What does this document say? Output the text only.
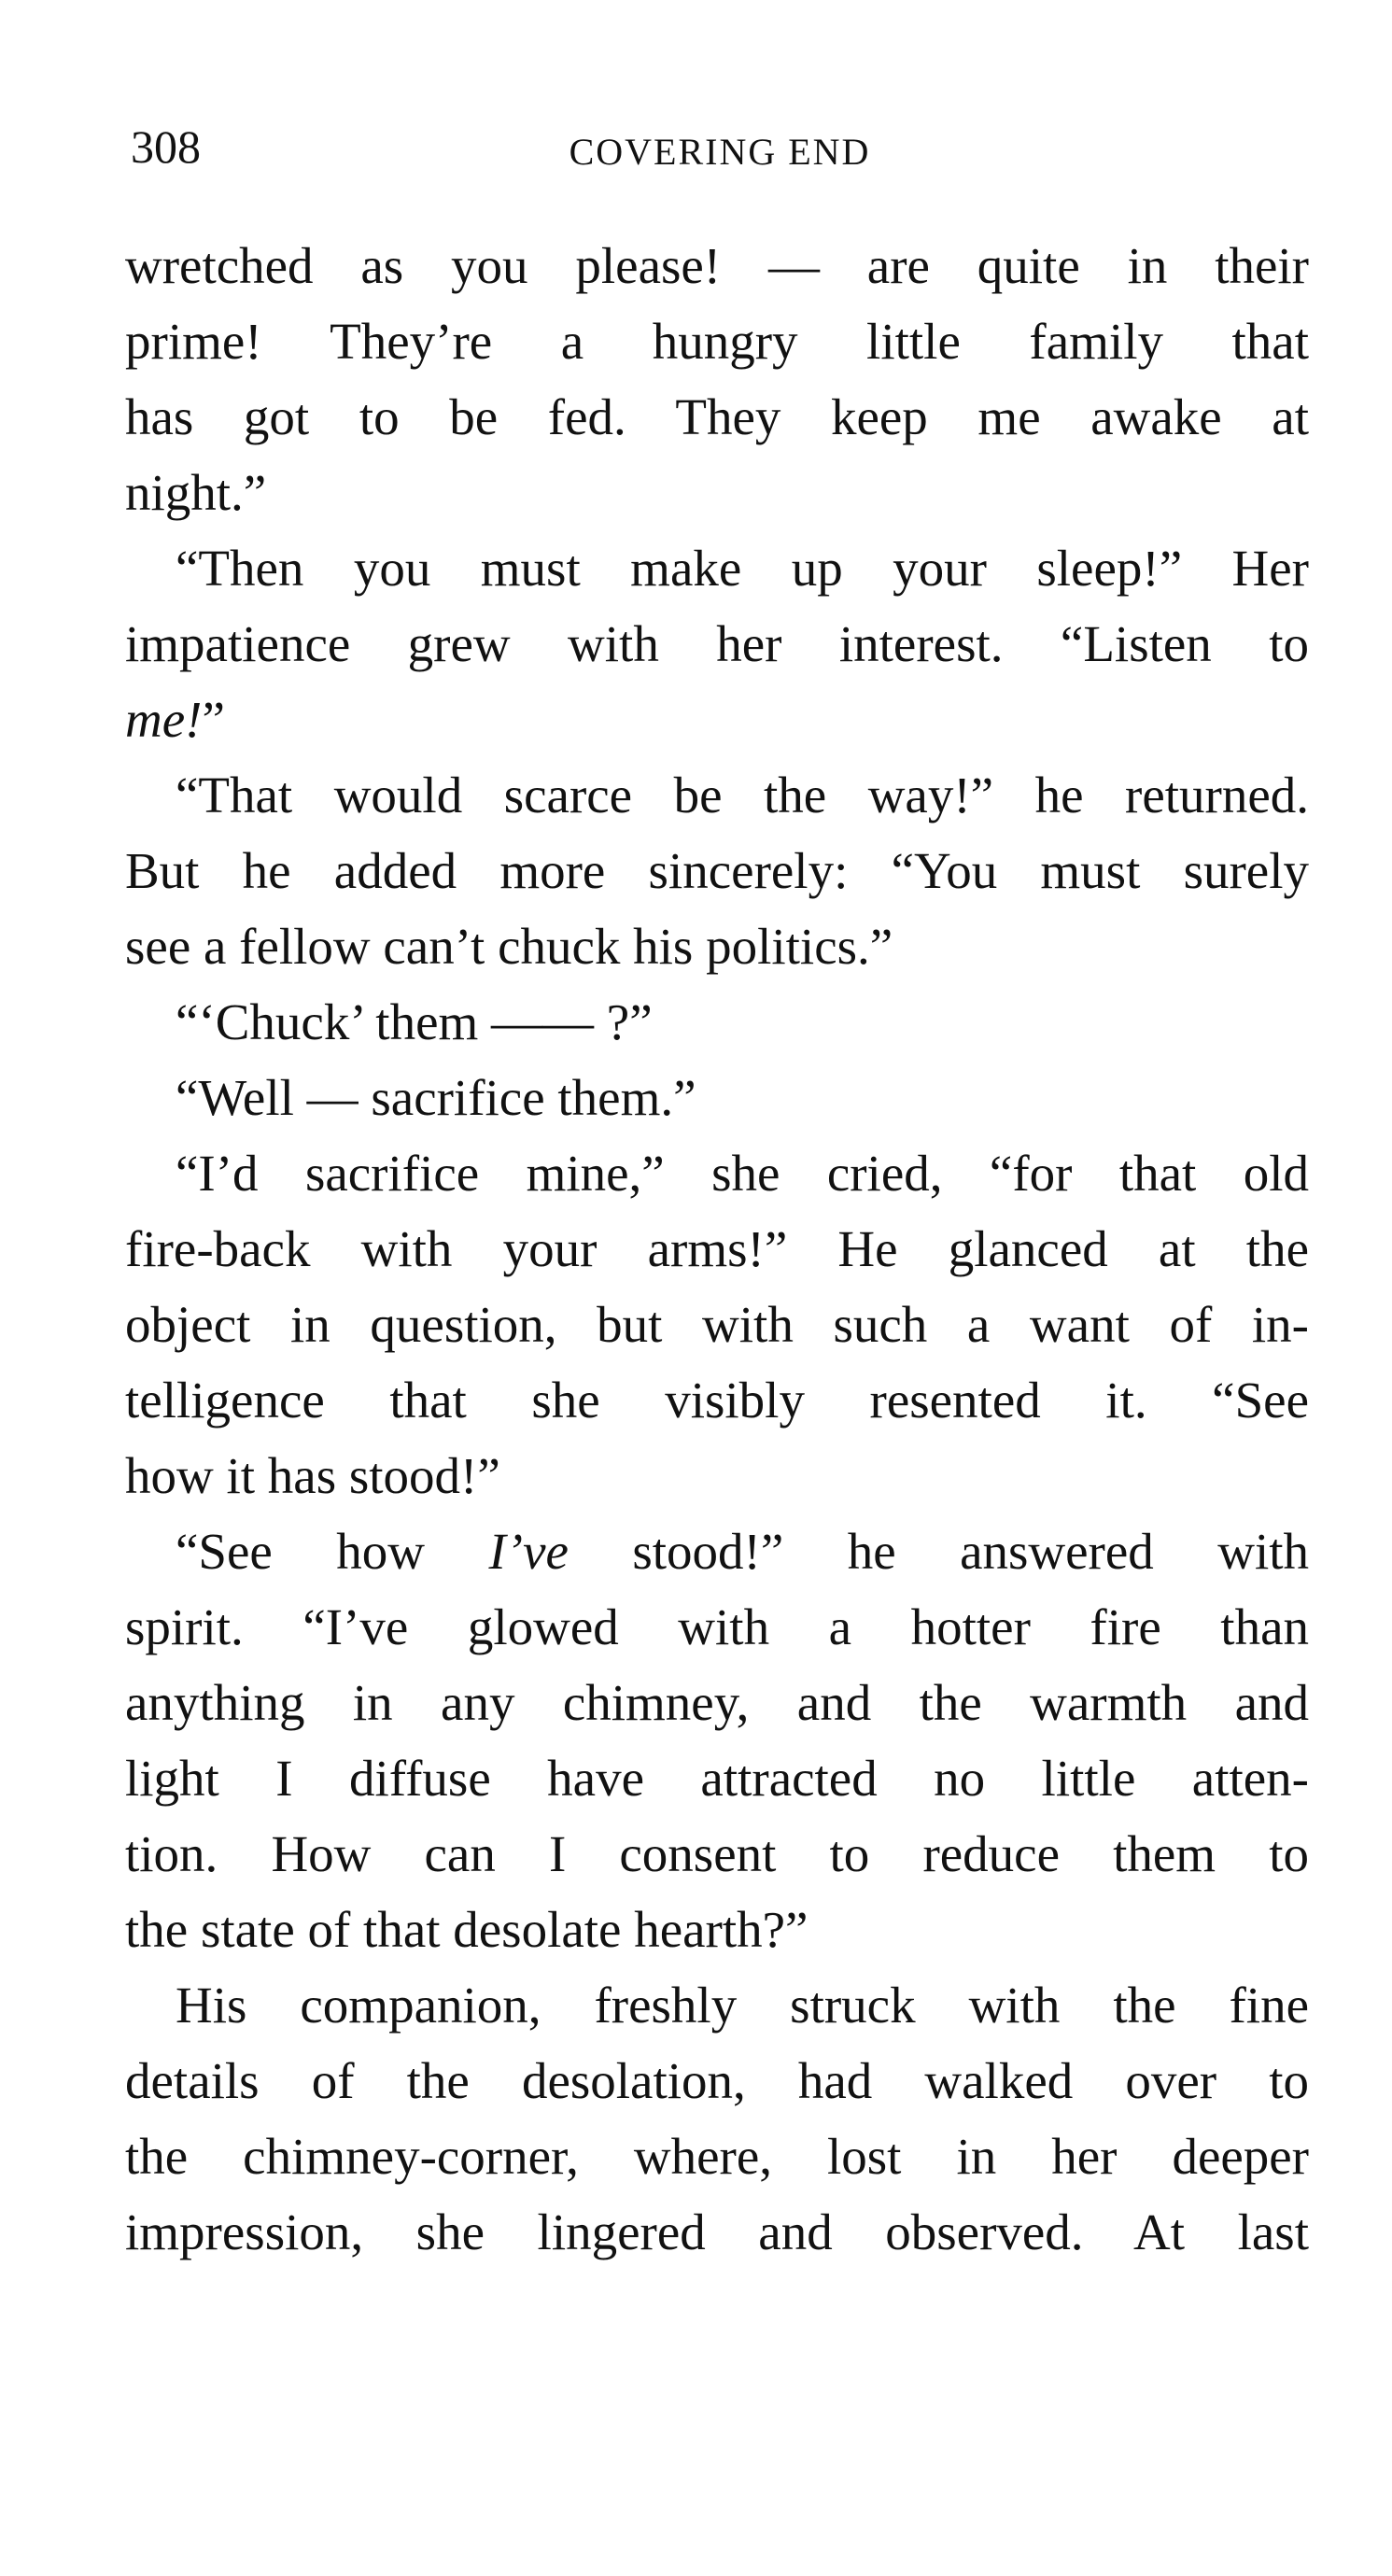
308	COVERING END
wretched as you please! — are quite in their
prime! They’re a hungry little family that
has got to be fed. They keep me awake at
night.”
“Then you must make up your sleep!” Her
impatience grew with her interest. “Listen to
me!”
“That would scarce be the way!” he returned.
But he added more sincerely: “You must surely
see a fellow can’t chuck his politics.”
“‘Chuck’ them —— ?”
“Well — sacrifice them.”
“I’d sacrifice mine,” she cried, “for that old
fire-back with your arms!” He glanced at the
object in question, but with such a want of in-
telligence that she visibly resented it. “See
how it has stood!”
“See how I’ve stood!” he answered with
spirit. “I’ve glowed with a hotter fire than
anything in any chimney, and the warmth and
light I diffuse have attracted no little atten-
tion. How can I consent to reduce them to
the state of that desolate hearth?”
His companion, freshly struck with the fine
details of the desolation, had walked over to
the chimney-corner, where, lost in her deeper
impression, she lingered and observed. At last
